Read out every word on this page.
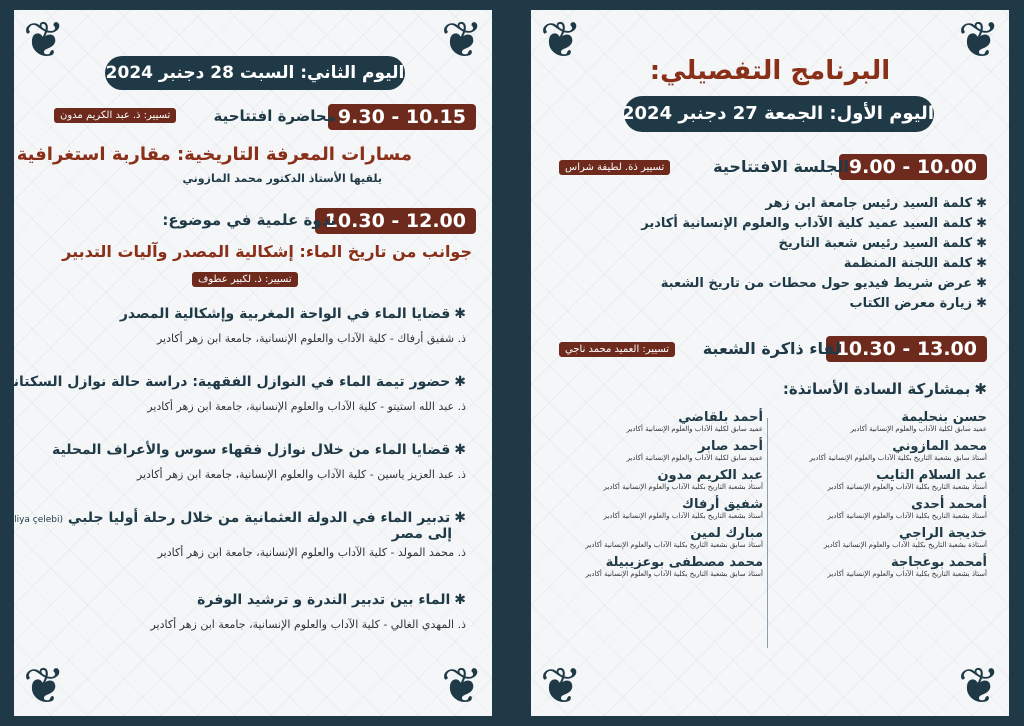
❦	❦
❦	❦
البرنامج التفصيلي:
اليوم الأول: الجمعة 27 دجنبر 2024
9.00 - 10.00
الجلسة الافتتاحية
تسيير ذة. لطيفة شراس
✱كلمة السيد رئيس جامعة ابن زهر
✱كلمة السيد عميد كلية الآداب والعلوم الإنسانية أكادير
✱كلمة السيد رئيس شعبة التاريخ
✱كلمة اللجنة المنظمة
✱عرض شريط فيديو حول محطات من تاريخ الشعبة
✱زيارة معرض الكتاب
10.30 - 13.00
لقاء ذاكرة الشعبة
تسيير: العميد محمد ناجي
✱بمشاركة السادة الأساتذة:
حسن بنحليمة
عميد سابق لكلية الآداب والعلوم الإنسانية أكادير
محمد المازوني
أستاذ سابق بشعبة التاريخ بكلية الآداب والعلوم الإنسانية أكادير
عبد السلام التايب
أستاذ بشعبة التاريخ بكلية الآداب والعلوم الإنسانية أكادير
أمحمد أحدى
أستاذ بشعبة التاريخ بكلية الآداب والعلوم الإنسانية أكادير
خديجة الراجي
أستاذة بشعبة التاريخ بكلية الآداب والعلوم الإنسانية أكادير
أمحمد بوعجاجة
أستاذ بشعبة التاريخ بكلية الآداب والعلوم الإنسانية أكادير
أحمد بلقاضي
عميد سابق لكلية الآداب والعلوم الإنسانية أكادير
أحمد صابر
عميد سابق لكلية الآداب والعلوم الإنسانية أكادير
عبد الكريم مدون
أستاذ بشعبة التاريخ بكلية الآداب والعلوم الإنسانية أكادير
شفيق أرفاك
أستاذ بشعبة التاريخ بكلية الآداب والعلوم الإنسانية أكادير
مبارك لمين
أستاذ سابق بشعبة التاريخ بكلية الآداب والعلوم الإنسانية أكادير
محمد مصطفى بوعزيبيلة
أستاذ سابق بشعبة التاريخ بكلية الآداب والعلوم الإنسانية أكادير
❦	❦
❦	❦
اليوم الثاني: السبت 28 دجنبر 2024
9.30 - 10.15
محاضرة افتتاحية
تسيير: ذ. عبد الكريم مدون
مسارات المعرفة التاريخية: مقاربة استغرافية
يلقيها الأستاذ الدكتور محمد المازوني
10.30 - 12.00
ندوة علمية في موضوع:
جوانب من تاريخ الماء: إشكالية المصدر وآليات التدبير
تسيير: ذ. لكبير عطوف
✱قضايا الماء في الواحة المغربية وإشكالية المصدر
ذ. شفيق أرفاك - كلية الآداب والعلوم الإنسانية، جامعة ابن زهر أكادير
✱حضور تيمة الماء في النوازل الفقهية: دراسة حالة نوازل السكتاني
ذ. عبد الله استيتو - كلية الآداب والعلوم الإنسانية، جامعة ابن زهر أكادير
✱قضايا الماء من خلال نوازل فقهاء سوس والأعراف المحلية
ذ. عبد العزيز ياسين - كلية الآداب والعلوم الإنسانية، جامعة ابن زهر أكادير
✱تدبير الماء في الدولة العثمانية من خلال رحلة أوليا جلبي (Evliya çelebi
إلى مصر
ذ. محمد المولد - كلية الآداب والعلوم الإنسانية، جامعة ابن زهر أكادير
✱الماء بين تدبير الندرة و ترشيد الوفرة
ذ. المهدي الغالي - كلية الآداب والعلوم الإنسانية، جامعة ابن زهر أكادير
